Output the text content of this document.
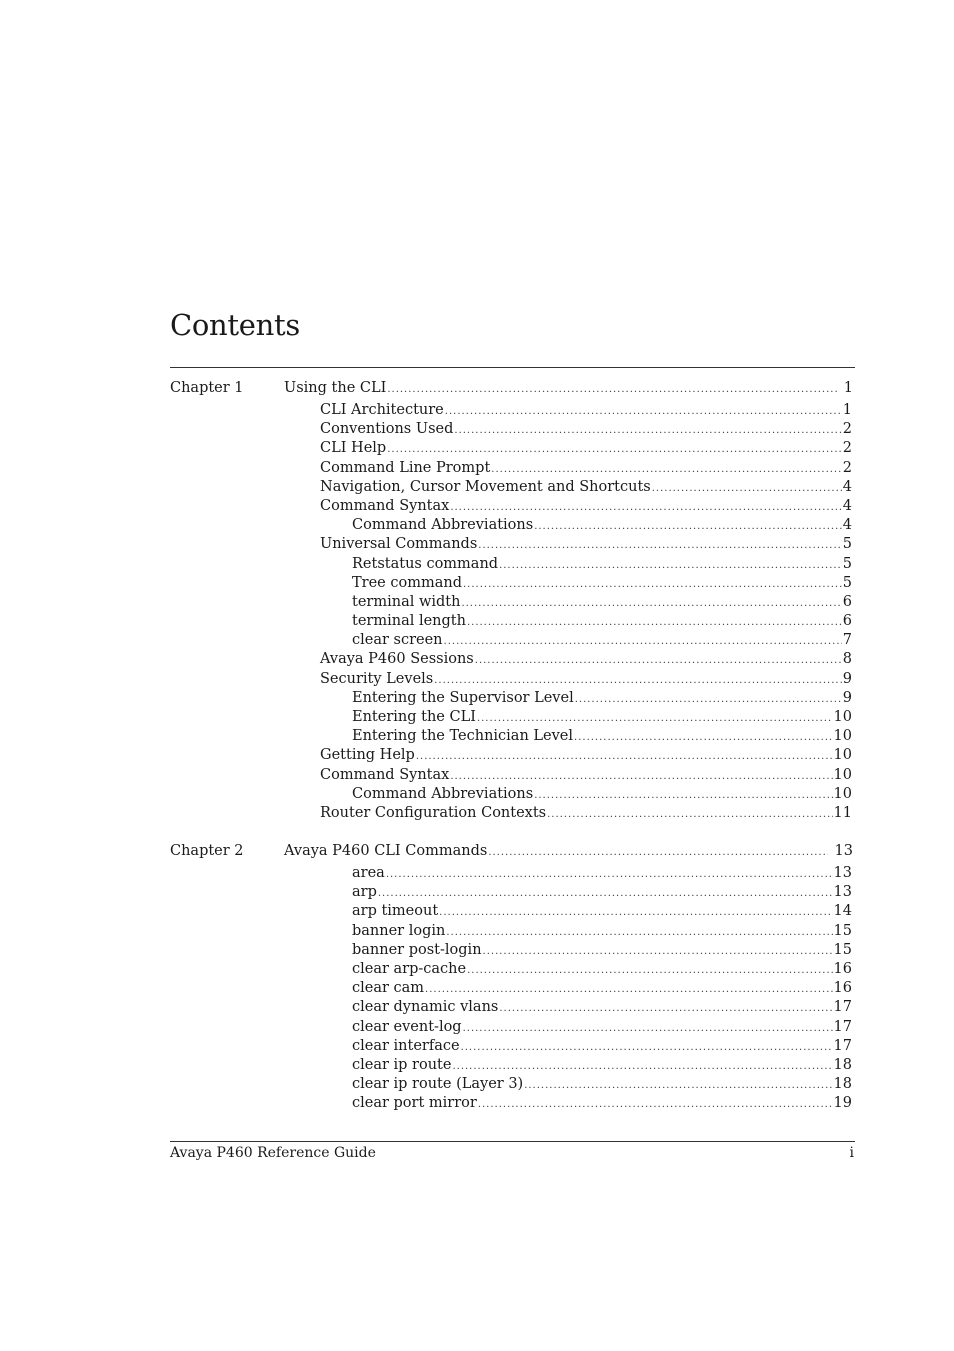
Contents
Chapter 1	Using the CLI .....	1
CLI Architecture .....	1
Conventions Used .....	2
CLI Help .....	2
Command Line Prompt .....	2
Navigation, Cursor Movement and Shortcuts .....	4
Command Syntax .....	4
Command Abbreviations .....	4
Universal Commands .....	5
Retstatus command .....	5
Tree command .....	5
terminal width .....	6
terminal length .....	6
clear screen .....	7
Avaya P460 Sessions .....	8
Security Levels .....	9
Entering the Supervisor Level .....	9
Entering the CLI .....	10
Entering the Technician Level .....	10
Getting Help .....	10
Command Syntax .....	10
Command Abbreviations .....	10
Router Configuration Contexts .....	11
Chapter 2	Avaya P460 CLI Commands .....	13
area .....	13
arp .....	13
arp timeout .....	14
banner login .....	15
banner post-login .....	15
clear arp-cache .....	16
clear cam .....	16
clear dynamic vlans .....	17
clear event-log .....	17
clear interface .....	17
clear ip route .....	18
clear ip route (Layer 3) .....	18
clear port mirror .....	19
Avaya P460 Reference Guide	i
